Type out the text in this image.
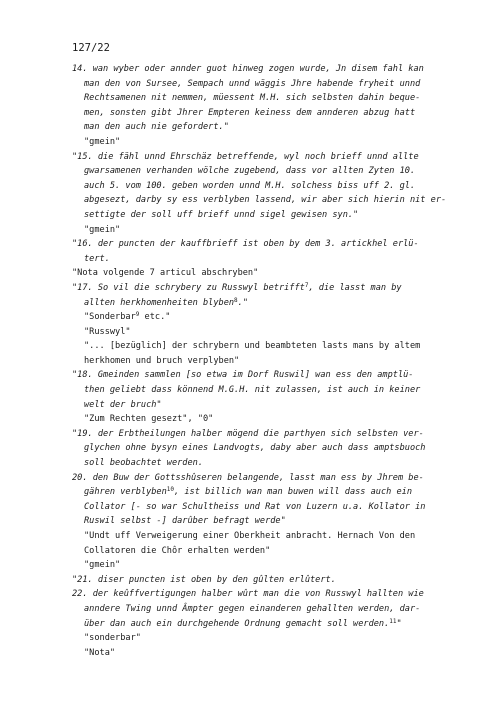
127/22
14. wan wyber oder annder guot hinweg zogen wurde, Jn disem fahl kan
man den von Sursee, Sempach unnd wäggis Jhre habende fryheit unnd
Rechtsamenen nit nemmen, müessent M.H. sich selbsten dahin beque-
men, sonsten gibt Jhrer Empteren keiness dem annderen abzug hatt
man den auch nie gefordert."
"gmein"
"15. die fähl unnd Ehrschäz betreffende, wyl noch brieff unnd allte
gwarsamenen verhanden wölche zugebend, dass vor allten Zyten 10.
auch 5. vom 100. geben worden unnd M.H. solchess biss uff 2. gl.
abgesezt, darby sy ess verblyben lassend, wir aber sich hierin nit er-
settigte der soll uff brieff unnd sigel gewisen syn."
"gmein"
"16. der puncten der kauffbrieff ist oben by dem 3. artickhel erlü-
tert.
"Nota volgende 7 articul abschryben"
"17. So vil die schrybery zu Russwyl betrifft$^7$, die lasst man by
allten herkhomenheiten blyben$^8$."
"Sonderbar$^9$ etc."
"Russwyl"
"... [bezüglich] der schrybern und beambteten lasts mans by altem
herkhomen und bruch verplyben"
"18. Gmeinden sammlen [so etwa im Dorf Ruswil] wan ess den amptlü-
then geliebt dass könnend M.G.H. nit zulassen, ist auch in keiner
welt der bruch"
"Zum Rechten gesezt", "0"
"19. der Erbtheilungen halber mögend die parthyen sich selbsten ver-
glychen ohne bysyn eines Landvogts, daby aber auch dass amptsbuoch
soll beobachtet werden.
20. den Buw der Gottsshûseren belangende, lasst man ess by Jhrem be-
gähren verblyben$^{10}$, ist billich wan man buwen will dass auch ein
Collator [- so war Schultheiss und Rat von Luzern u.a. Kollator in
Ruswil selbst -] darûber befragt werde"
"Undt uff Verweigerung einer Oberkheit anbracht. Hernach Von den
Collatoren die Chôr erhalten werden"
"gmein"
"21. diser puncten ist oben by den gûlten erlûtert.
22. der keûffvertigungen halber wûrt man die von Russwyl hallten wie
anndere Twing unnd Âmpter gegen einanderen gehallten werden, dar-
über dan auch ein durchgehende Ordnung gemacht soll werden.$^{11}$"
"sonderbar"
"Nota"
